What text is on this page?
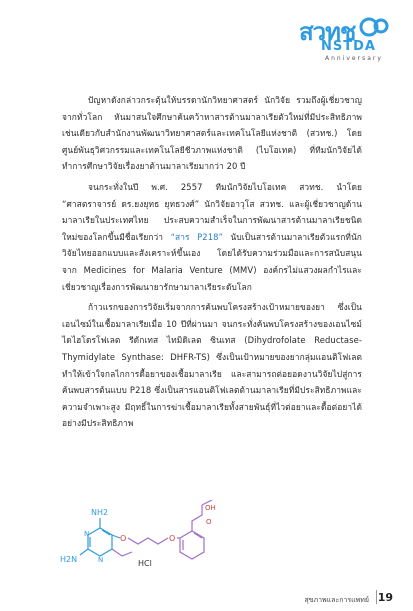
สวทช
NSTDA
Anniversary

ปัญหาดังกล่าวกระตุ้นให้บรรดานักวิทยาศาสตร์ นักวิจัย รวมถึงผู้เชี่ยวชาญจากทั่วโลก หันมาสนใจศึกษาค้นคว้าหาสารต้านมาลาเรียตัวใหม่ที่มีประสิทธิภาพ เช่นเดียวกับสำนักงานพัฒนาวิทยาศาสตร์และเทคโนโลยีแห่งชาติ (สวทช.) โดยศูนย์พันธุวิศวกรรมและเทคโนโลยีชีวภาพแห่งชาติ (ไบโอเทค) ที่ทีมนักวิจัยได้ทำการศึกษาวิจัยเรื่องยาต้านมาลาเรียมากว่า 20 ปี

จนกระทั่งในปี พ.ศ. 2557 ทีมนักวิจัยไบโอเทค สวทช. นำโดย “ศาสตราจารย์ ดร.ยงยุทธ ยุทธวงศ์” นักวิจัยอาวุโส สวทช. และผู้เชี่ยวชาญด้านมาลาเรียในประเทศไทย ประสบความสำเร็จในการพัฒนาสารต้านมาลาเรียชนิดใหม่ของโลกขึ้นมีชื่อเรียกว่า “สาร P218” นับเป็นสารต้านมาลาเรียตัวแรกที่นักวิจัยไทยออกแบบและสังเคราะห์ขึ้นเอง โดยได้รับความร่วมมือและการสนับสนุนจาก Medicines for Malaria Venture (MMV) องค์กรไม่แสวงผลกำไรและเชี่ยวชาญเรื่องการพัฒนายารักษามาลาเรียระดับโลก

ก้าวแรกของการวิจัยเริ่มจากการค้นพบโครงสร้างเป้าหมายของยา ซึ่งเป็นเอนไซม์ในเชื้อมาลาเรียเมื่อ 10 ปีที่ผ่านมา จนกระทั่งค้นพบโครงสร้างของเอนไซม์ไดไฮโดรโฟเลต รีดักเทส ไทมิดิเลต ซินเทส (Dihydrofolate Reductase-Thymidylate Synthase: DHFR-TS) ซึ่งเป็นเป้าหมายของยากลุ่มแอนติโฟเลต ทำให้เข้าใจกลไกการดื้อยาของเชื้อมาลาเรีย และสามารถต่อยอดงานวิจัยไปสู่การค้นพบสารต้นแบบ P218 ซึ่งเป็นสารแอนติโฟเลตต้านมาลาเรียที่มีประสิทธิภาพและความจำเพาะสูง มีฤทธิ์ในการฆ่าเชื้อมาลาเรียทั้งสายพันธุ์ที่ไวต่อยาและดื้อต่อยาได้อย่างมีประสิทธิภาพ

NH2
H2N
N
N
O	O
OH
O
HCl
สุขภาพและการแพทย์ 19
